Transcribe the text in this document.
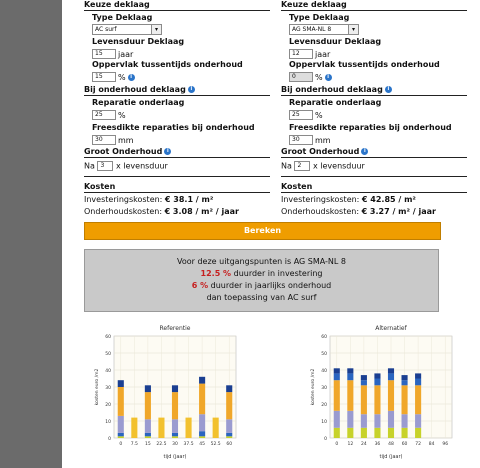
Keuze deklaag
Type Deklaag
AC surf	▾
Levensduur Deklaag
15 jaar
Oppervlak tussentijds onderhoud
15 % i
Bij onderhoud deklaag i
Reparatie onderlaag
25 %
Freesdikte reparaties bij onderhoud
30 mm
Groot Onderhoud i
Na 3 x levensduur
Kosten
Investeringskosten: € 38.1 / m²
Onderhoudskosten: € 3.08 / m² / jaar
Keuze deklaag
Type Deklaag
AG SMA-NL 8	▾
Levensduur Deklaag
12 jaar
Oppervlak tussentijds onderhoud
0 % i
Bij onderhoud deklaag i
Reparatie onderlaag
25 %
Freesdikte reparaties bij onderhoud
30 mm
Groot Onderhoud i
Na 2 x levensduur
Kosten
Investeringskosten: € 42.85 / m²
Onderhoudskosten: € 3.27 / m² / jaar
Bereken
Voor deze uitgangspunten is AG SMA-NL 8
12.5 % duurder in investering
6 % duurder in jaarlijks onderhoud
dan toepassing van AC surf
Referentie
0
10
20
30
40
50
60
0 7.5 15 22.5 30 37.5 45 52.5 60
tijd (jaar)
kosten euro /m2
Alternatief
0
10
20
30
40
50
60
0 12 24 36 48 60 72 84 96
tijd (jaar)
kosten euro /m2
